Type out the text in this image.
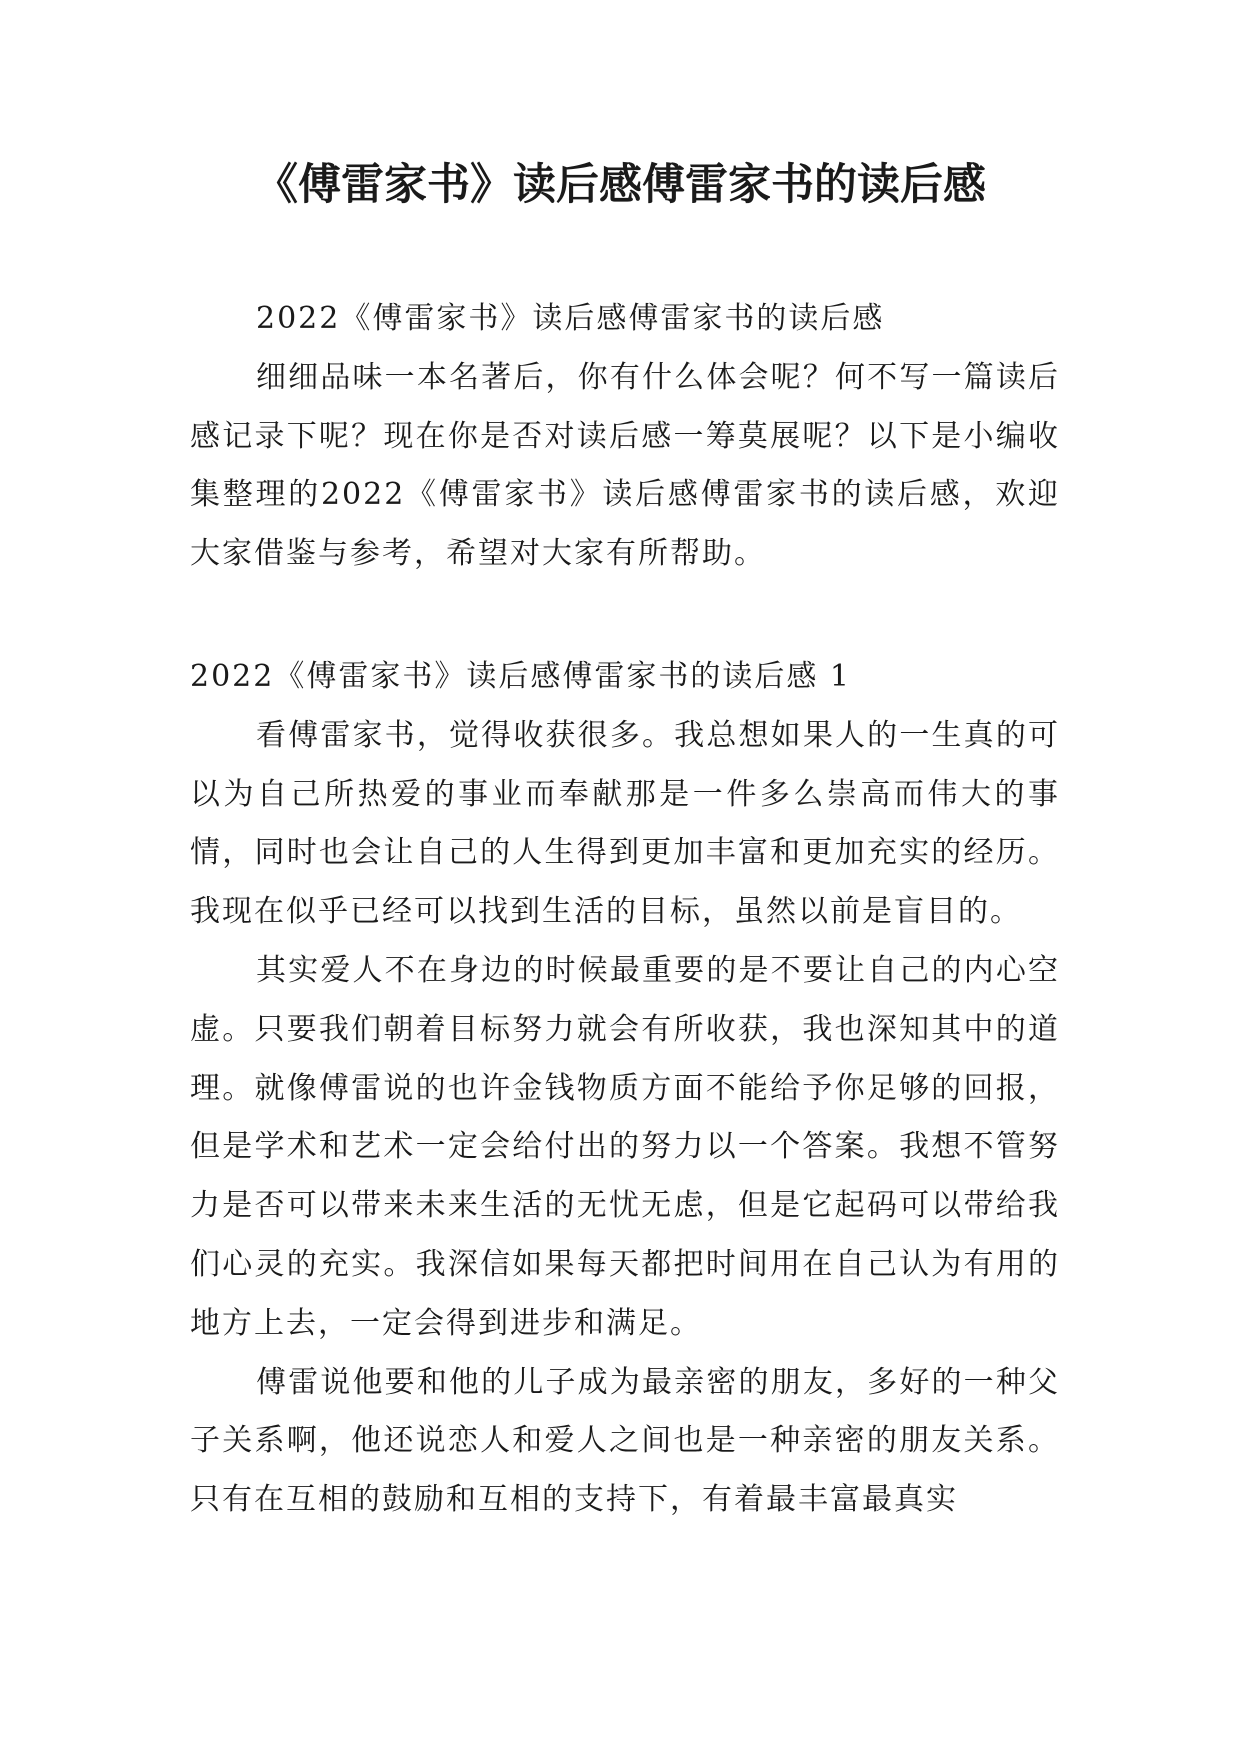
《傅雷家书》读后感傅雷家书的读后感

2022《傅雷家书》读后感傅雷家书的读后感

细细品味一本名著后，你有什么体会呢？何不写一篇读后感记录下呢？现在你是否对读后感一筹莫展呢？以下是小编收集整理的2022《傅雷家书》读后感傅雷家书的读后感，欢迎大家借鉴与参考，希望对大家有所帮助。

2022《傅雷家书》读后感傅雷家书的读后感 1

看傅雷家书，觉得收获很多。我总想如果人的一生真的可以为自己所热爱的事业而奉献那是一件多么崇高而伟大的事情，同时也会让自己的人生得到更加丰富和更加充实的经历。我现在似乎已经可以找到生活的目标，虽然以前是盲目的。

其实爱人不在身边的时候最重要的是不要让自己的内心空虚。只要我们朝着目标努力就会有所收获，我也深知其中的道理。就像傅雷说的也许金钱物质方面不能给予你足够的回报，但是学术和艺术一定会给付出的努力以一个答案。我想不管努力是否可以带来未来生活的无忧无虑，但是它起码可以带给我们心灵的充实。我深信如果每天都把时间用在自己认为有用的地方上去，一定会得到进步和满足。

傅雷说他要和他的儿子成为最亲密的朋友，多好的一种父子关系啊，他还说恋人和爱人之间也是一种亲密的朋友关系。只有在互相的鼓励和互相的支持下，有着最丰富最真实
